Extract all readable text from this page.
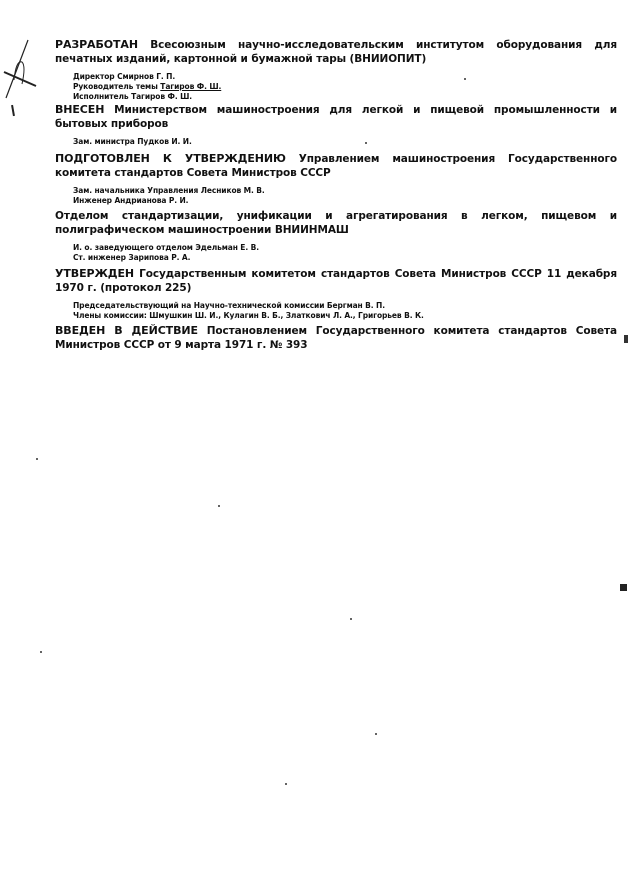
РАЗРАБОТАН Всесоюзным научно-исследовательским институтом оборудования для печатных изданий, картонной и бумажной тары (ВНИИОПИТ)
Директор Смирнов Г. П.
Руководитель темы Тагиров Ф. Ш.
Исполнитель Тагиров Ф. Ш.
ВНЕСЕН Министерством машиностроения для легкой и пищевой промышленности и бытовых приборов
Зам. министра Пудков И. И.
ПОДГОТОВЛЕН К УТВЕРЖДЕНИЮ Управлением машиностроения Государственного комитета стандартов Совета Министров СССР
Зам. начальника Управления Лесников М. В.
Инженер Андрианова Р. И.
Отделом стандартизации, унификации и агрегатирования в легком, пищевом и полиграфическом машиностроении ВНИИНМАШ
И. о. заведующего отделом Эдельман Е. В.
Ст. инженер Зарипова Р. А.
УТВЕРЖДЕН Государственным комитетом стандартов Совета Министров СССР 11 декабря 1970 г. (протокол 225)
Председательствующий на Научно-технической комиссии Бергман В. П.
Члены комиссии: Шмушкин Ш. И., Кулагин В. Б., Златкович Л. А., Григорьев В. К.
ВВЕДЕН В ДЕЙСТВИЕ Постановлением Государственного комитета стандартов Совета Министров СССР от 9 марта 1971 г. № 393
